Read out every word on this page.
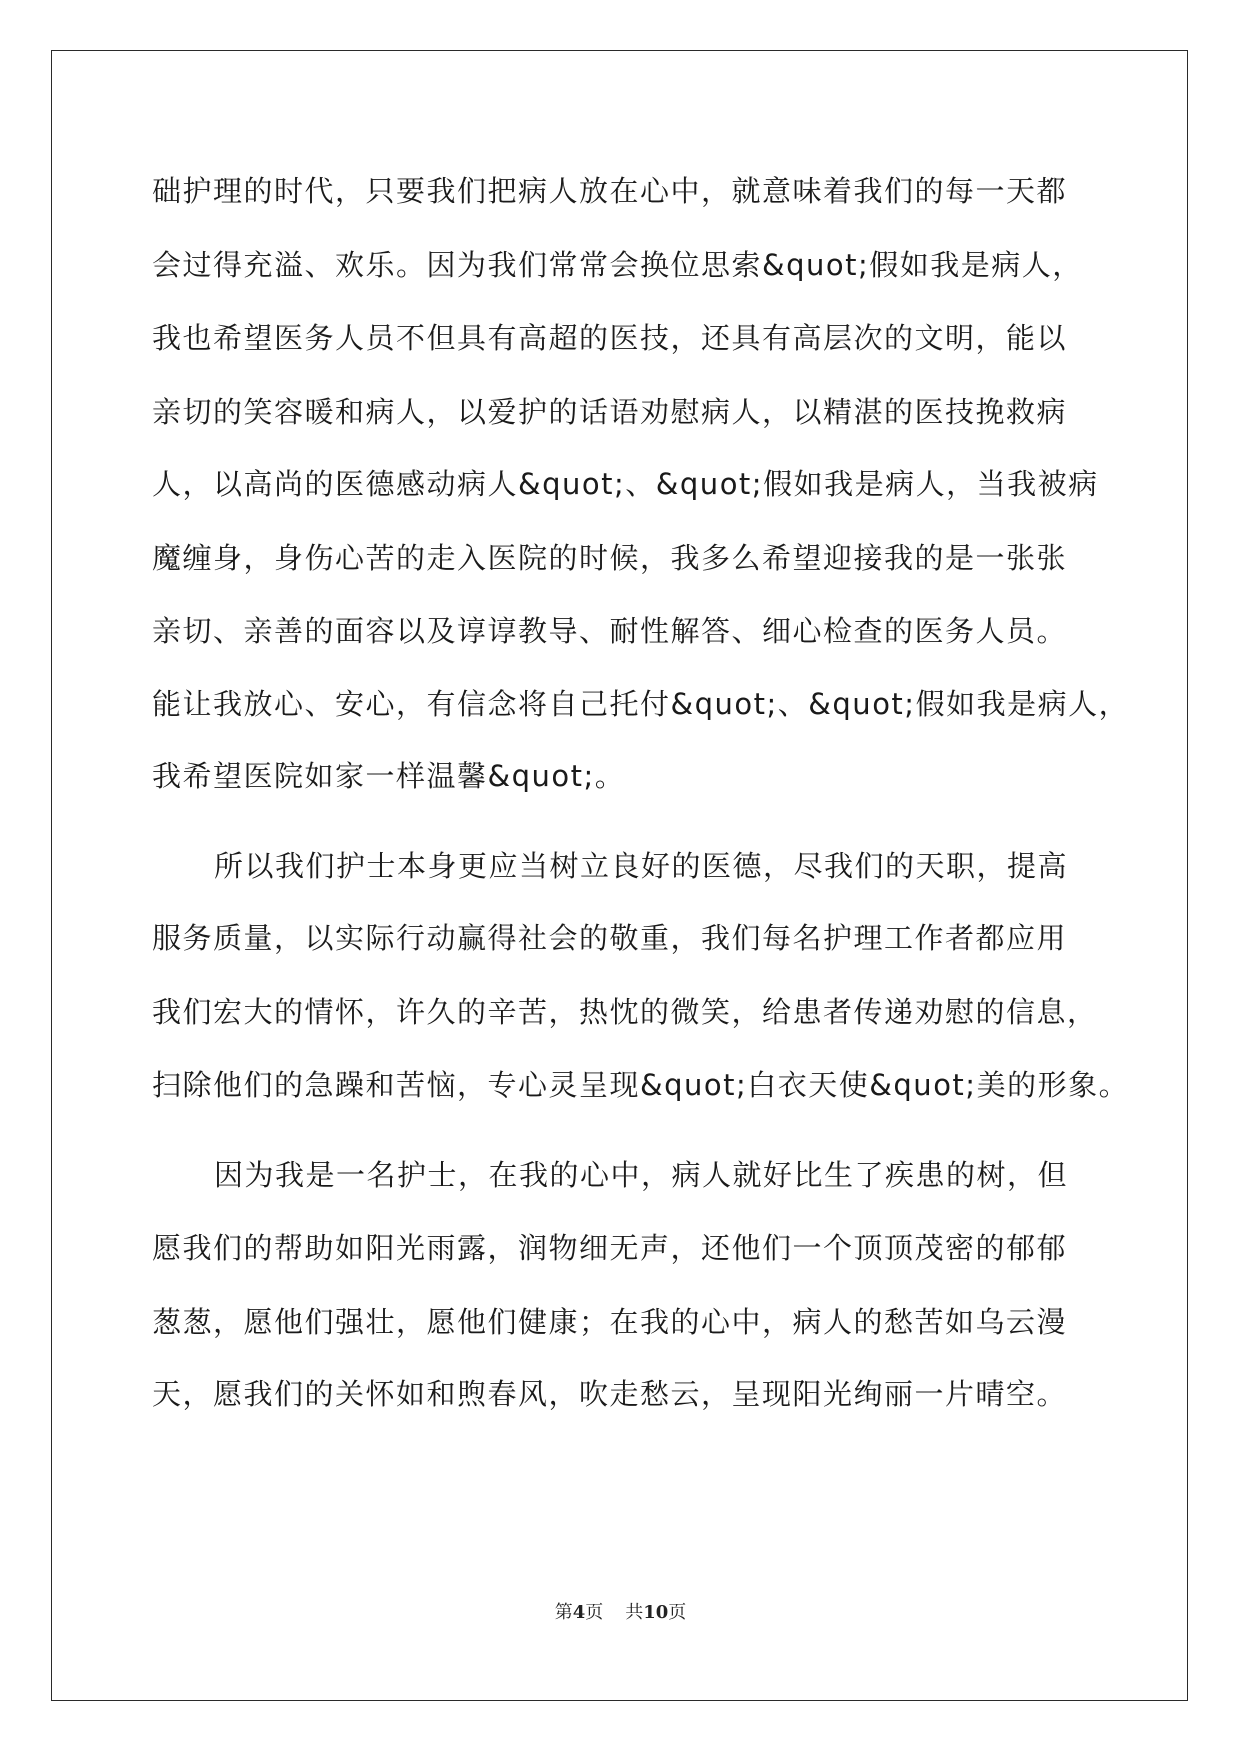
础护理的时代，只要我们把病人放在心中，就意味着我们的每一天都
会过得充溢、欢乐。因为我们常常会换位思索&quot;假如我是病人，
我也希望医务人员不但具有高超的医技，还具有高层次的文明，能以
亲切的笑容暖和病人，以爱护的话语劝慰病人，以精湛的医技挽救病
人，以高尚的医德感动病人&quot;、&quot;假如我是病人，当我被病
魔缠身，身伤心苦的走入医院的时候，我多么希望迎接我的是一张张
亲切、亲善的面容以及谆谆教导、耐性解答、细心检查的医务人员。
能让我放心、安心，有信念将自己托付&quot;、&quot;假如我是病人，
我希望医院如家一样温馨&quot;。
所以我们护士本身更应当树立良好的医德，尽我们的天职，提高
服务质量，以实际行动赢得社会的敬重，我们每名护理工作者都应用
我们宏大的情怀，许久的辛苦，热忱的微笑，给患者传递劝慰的信息，
扫除他们的急躁和苦恼，专心灵呈现&quot;白衣天使&quot;美的形象。
因为我是一名护士，在我的心中，病人就好比生了疾患的树，但
愿我们的帮助如阳光雨露，润物细无声，还他们一个顶顶茂密的郁郁
葱葱，愿他们强壮，愿他们健康；在我的心中，病人的愁苦如乌云漫
天，愿我们的关怀如和煦春风，吹走愁云，呈现阳光绚丽一片晴空。
第4页 共10页
